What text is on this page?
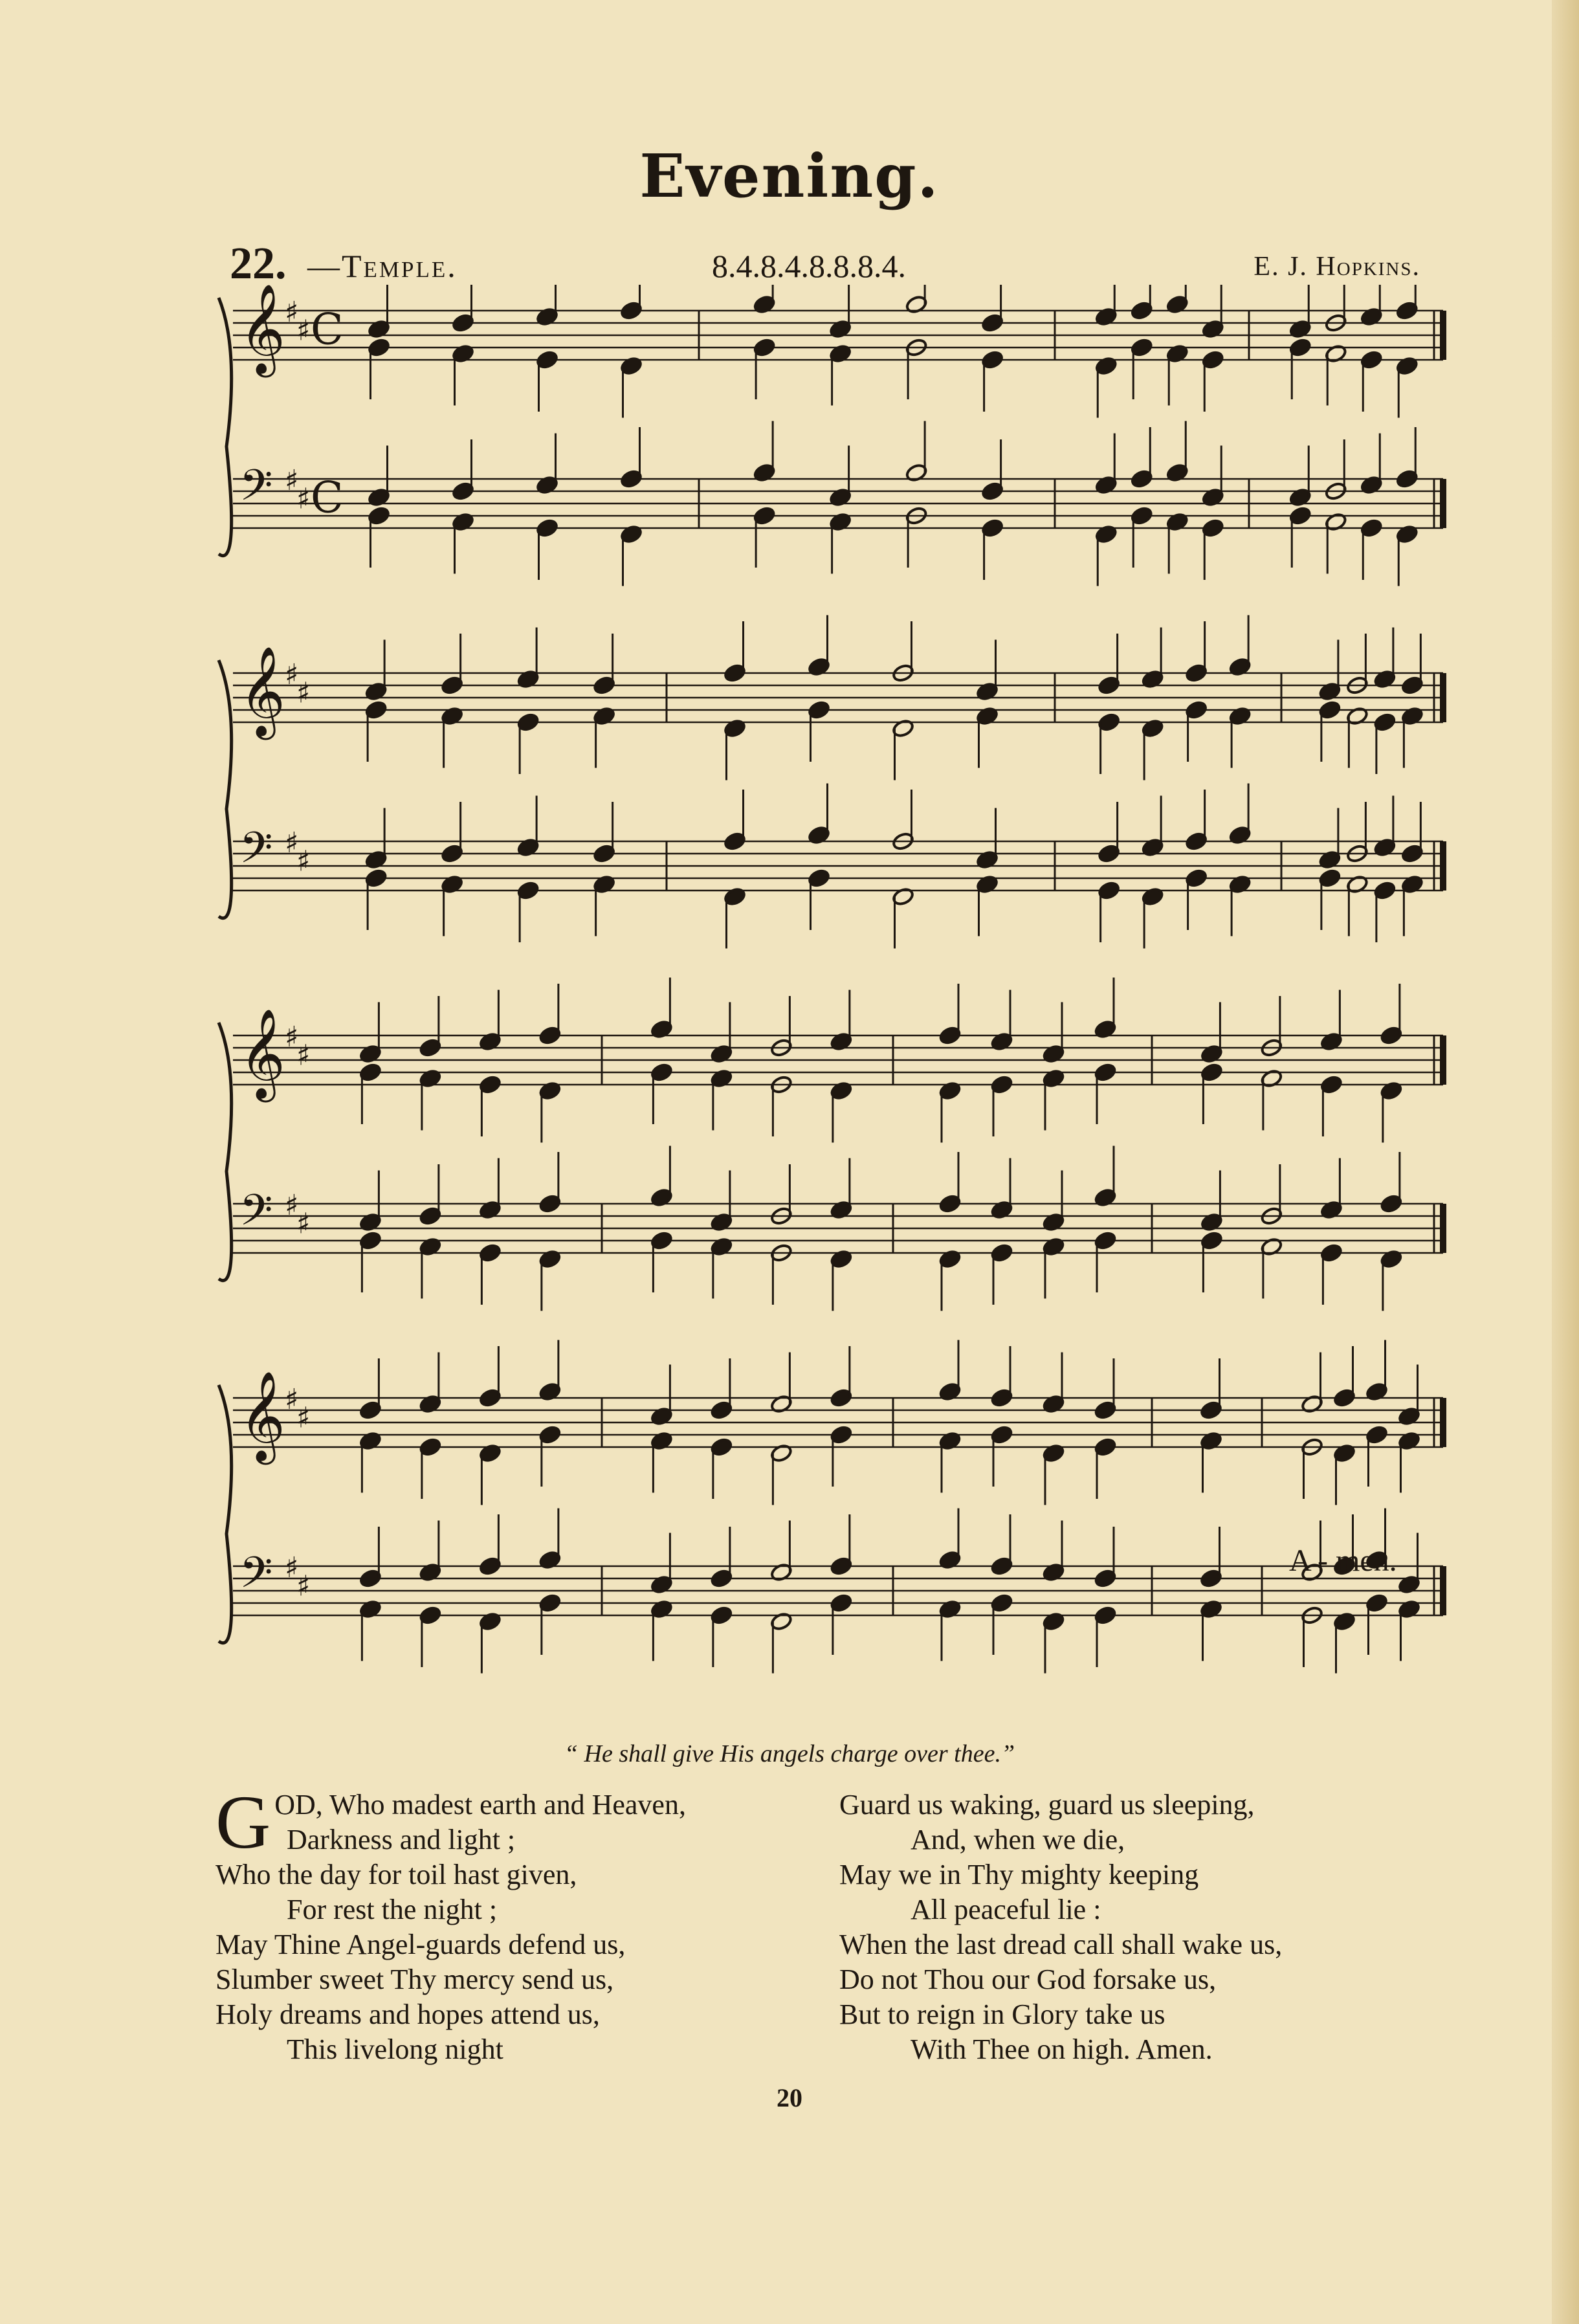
Evening.
22. —Temple.	8.4.8.4.8.8.8.4.	E. J. Hopkins.
𝄞 ♯
♯ C
𝄢 ♯
♯ C
𝄞 ♯
♯
𝄢 ♯
♯
𝄞 ♯
♯
𝄢 ♯
♯
𝄞 ♯
♯
𝄢 ♯
♯
A - men.
“ He shall give His angels charge over thee.”
G OD, Who madest earth and Heaven,
Darkness and light ;
Who the day for toil hast given,
For rest the night ;
May Thine Angel-guards defend us,
Slumber sweet Thy mercy send us,
Holy dreams and hopes attend us,
This livelong night
Guard us waking, guard us sleeping,
And, when we die,
May we in Thy mighty keeping
All peaceful lie :
When the last dread call shall wake us,
Do not Thou our God forsake us,
But to reign in Glory take us
With Thee on high. Amen.
20
